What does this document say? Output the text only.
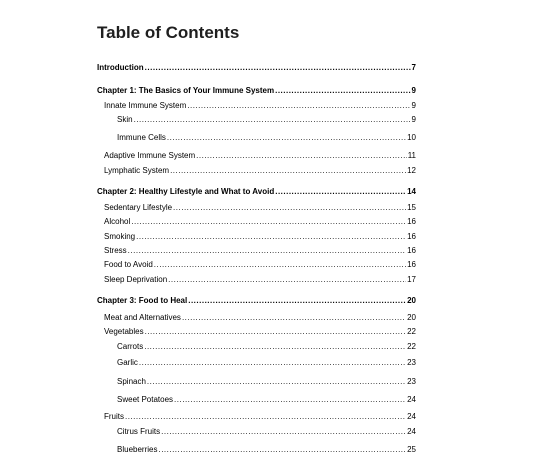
Table of Contents
Introduction .....	7
Chapter 1: The Basics of Your Immune System .....	9
Innate Immune System .....	9
Skin .....	9
Immune Cells .....	10
Adaptive Immune System .....	11
Lymphatic System .....	12
Chapter 2: Healthy Lifestyle and What to Avoid .....	14
Sedentary Lifestyle .....	15
Alcohol .....	16
Smoking .....	16
Stress .....	16
Food to Avoid .....	16
Sleep Deprivation .....	17
Chapter 3: Food to Heal .....	20
Meat and Alternatives .....	20
Vegetables .....	22
Carrots .....	22
Garlic .....	23
Spinach .....	23
Sweet Potatoes .....	24
Fruits .....	24
Citrus Fruits .....	24
Blueberries .....	25
